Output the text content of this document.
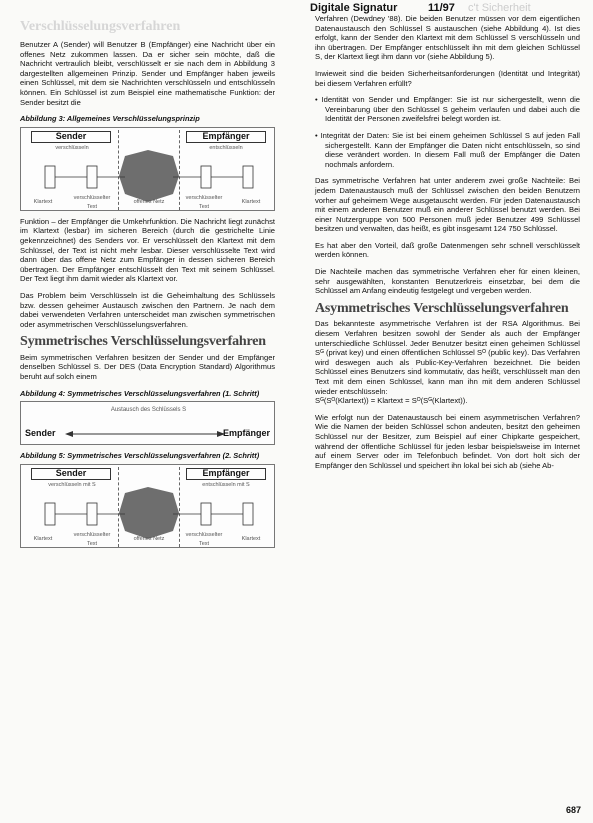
Digitale Signatur	11/97 c't Sicherheit
Verschlüsselungsverfahren
Benutzer A (Sender) will Benutzer B (Empfänger) eine Nachricht über ein offenes Netz zukommen lassen. Da er sicher sein möchte, daß die Nachricht vertraulich bleibt, verschlüsselt er sie nach dem in Abbildung 3 dargestellten allgemeinen Prinzip. Sender und Empfänger haben jeweils einen Schlüssel, mit dem sie Nachrichten verschlüsseln und entschlüsseln können. Ein Schlüssel ist zum Beispiel eine mathematische Funktion: der Sender besitzt die
Abbildung 3: Allgemeines Verschlüsselungsprinzip
Sender	Empfänger
verschlüsseln	entschlüsseln
Klartext
verschlüsselter Text
offenes Netz
verschlüsselter Text
Klartext
Funktion – der Empfänger die Umkehrfunktion. Die Nachricht liegt zunächst im Klartext (lesbar) im sicheren Bereich (durch die gestrichelte Linie gekennzeichnet) des Senders vor. Er verschlüsselt den Klartext mit dem Schlüssel, der Text ist nicht mehr lesbar. Dieser verschlüsselte Text wird dann über das offene Netz zum Empfänger in dessen sicheren Bereich übertragen. Der Empfänger entschlüsselt den Text mit seinem Schlüssel. Der Text liegt ihm damit wieder als Klartext vor.
Das Problem beim Verschlüsseln ist die Geheimhaltung des Schlüssels bzw. dessen geheimer Austausch zwischen den Partnern. Je nach dem dabei verwendeten Verfahren unterscheidet man zwischen symmetrischen oder asymmetrischen Verschlüsselungsverfahren.
Symmetrisches Verschlüsselungsverfahren
Beim symmetrischen Verfahren besitzen der Sender und der Empfänger denselben Schlüssel S. Der DES (Data Encryption Standard) Algorithmus beruht auf solch einem
Abbildung 4: Symmetrisches Verschlüsselungsverfahren (1. Schritt)
Austausch des Schlüssels S
Sender	Empfänger
Abbildung 5: Symmetrisches Verschlüsselungsverfahren (2. Schritt)
Sender	Empfänger
verschlüsseln mit S	entschlüsseln mit S
Klartext
verschlüsselter Text
offenes Netz
verschlüsselter Text
Klartext
Verfahren (Dewdney '88). Die beiden Benutzer müssen vor dem eigentlichen Datenaustausch den Schlüssel S austauschen (siehe Abbildung 4). Ist dies erfolgt, kann der Sender den Klartext mit dem Schlüssel S verschlüsseln und ihn übertragen. Der Empfänger entschlüsselt ihn mit dem gleichen Schlüssel S, der Klartext liegt ihm dann vor (siehe Abbildung 5).
Inwieweit sind die beiden Sicherheitsanforderungen (Identität und Integrität) bei diesem Verfahren erfüllt?
• Identität von Sender und Empfänger: Sie ist nur sichergestellt, wenn die Vereinbarung über den Schlüssel S geheim verlaufen und dabei auch die Identität der Personen zweifelsfrei belegt worden ist.
• Integrität der Daten: Sie ist bei einem geheimen Schlüssel S auf jeden Fall sichergestellt. Kann der Empfänger die Daten nicht entschlüsseln, so sind diese verändert worden. In diesem Fall muß der Empfänger die Daten nochmals anfordern.
Das symmetrische Verfahren hat unter anderem zwei große Nachteile: Bei jedem Datenaustausch muß der Schlüssel zwischen den beiden Benutzern vorher auf geheimem Wege ausgetauscht werden. Für jeden Datenaustausch mit einem anderen Benutzer muß ein anderer Schlüssel benutzt werden. Bei einer Nutzergruppe von 500 Personen muß jeder Benutzer 499 Schlüssel besitzen und verwalten, das heißt, es gibt insgesamt 124 750 Schlüssel.
Es hat aber den Vorteil, daß große Datenmengen sehr schnell verschlüsselt werden können.
Die Nachteile machen das symmetrische Verfahren eher für einen kleinen, sehr ausgewählten, konstanten Benutzerkreis einsetzbar, bei dem die Schlüssel am Anfang eindeutig festgelegt und vergeben werden.
Asymmetrisches Verschlüsselungsverfahren
Das bekannteste asymmetrische Verfahren ist der RSA Algorithmus. Bei diesem Verfahren besitzen sowohl der Sender als auch der Empfänger unterschiedliche Schlüssel. Jeder Benutzer besitzt einen geheimen Schlüssel Sᴳ (privat key) und einen öffentlichen Schlüssel Sᴼ (public key). Das Verfahren wird deswegen auch als Public-Key-Verfahren bezeichnet. Die beiden Schlüssel eines Benutzers sind kommutativ, das heißt, verschlüsselt man den Text mit dem einen Schlüssel, kann man ihn mit dem anderen Schlüssel wieder entschlüsseln:
Sᴳ(Sᴼ(Klartext)) = Klartext = Sᴼ(Sᴳ(Klartext)).
Wie erfolgt nun der Datenaustausch bei einem asymmetrischen Verfahren? Wie die Namen der beiden Schlüssel schon andeuten, besitzt den geheimen Schlüssel nur der Besitzer, zum Beispiel auf einer Chipkarte gespeichert, während der öffentliche Schlüssel für jeden lesbar beispielsweise im Internet auf einem Server oder im Telefonbuch befindet. Von dort holt sich der Empfänger den Schlüssel und speichert ihn lokal bei sich ab (siehe Ab-
687
